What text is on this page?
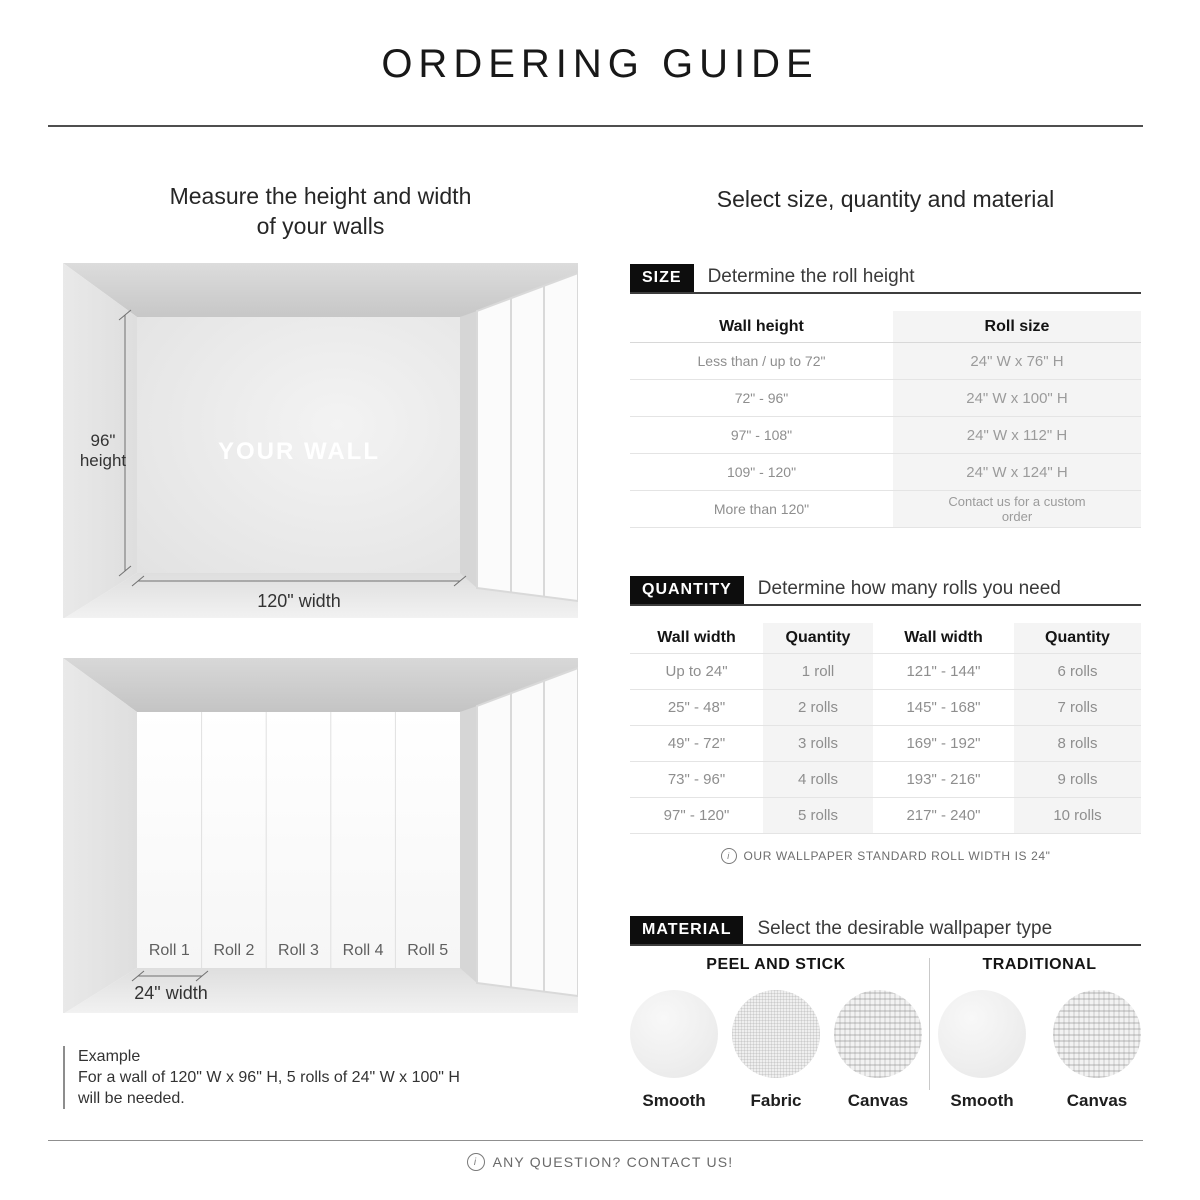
ORDERING GUIDE
Measure the height and width
of your walls
Select size, quantity and material
YOUR WALL
96"
height
120" width
Roll 1 Roll 2 Roll 3 Roll 4 Roll 5
24" width
Example
For a wall of 120" W x 96" H, 5 rolls of 24" W x 100" H
will be needed.
SIZE	Determine the roll height
Wall height	Roll size
Less than / up to 72"	24" W x 76" H
72" - 96"	24" W x 100" H
97" - 108"	24" W x 112" H
109" - 120"	24" W x 124" H
More than 120"	Contact us for a custom order
QUANTITY	Determine how many rolls you need
Wall width	Quantity	Wall width	Quantity
Up to 24"	1 roll	121" - 144"	6 rolls
25" - 48"	2 rolls	145" - 168"	7 rolls
49" - 72"	3 rolls	169" - 192"	8 rolls
73" - 96"	4 rolls	193" - 216"	9 rolls
97" - 120"	5 rolls	217" - 240"	10 rolls
i	OUR WALLPAPER STANDARD ROLL WIDTH IS 24"
MATERIAL	Select the desirable wallpaper type
PEEL AND STICK
Smooth	Fabric	Canvas
TRADITIONAL
Smooth	Canvas
i	ANY QUESTION? CONTACT US!
